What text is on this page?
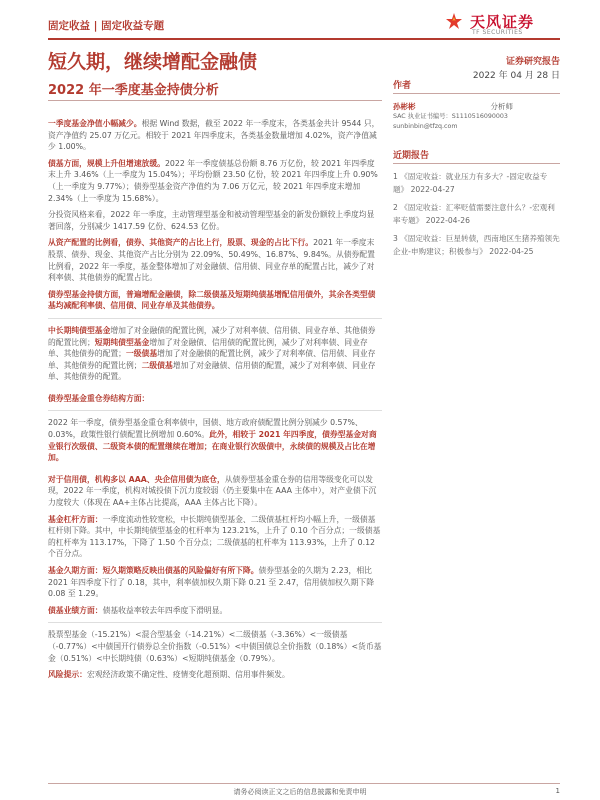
固定收益 | 固定收益专题	天风证券
TF SECURITIES
短久期，继续增配金融债
2022 年一季度基金持债分析
证券研究报告
2022 年 04 月 28 日
作者
孙彬彬	分析师
SAC 执业证书编号：S1110516090003
sunbinbin@tfzq.com
近期报告
1 《固定收益：就业压力有多大？-固定收益专题》 2022-04-27
2 《固定收益：汇率贬值需要注意什么？-宏观利率专题》 2022-04-26
3 《固定收益：巨星转债，西南地区生猪养殖领先企业-申购建议；积极参与》 2022-04-25

一季度基金净值小幅减少。根据 Wind 数据，截至 2022 年一季度末，各类基金共计 9544 只，资产净值约 25.07 万亿元。相较于 2021 年四季度末，各类基金数量增加 4.02%，资产净值减少 1.00%。

债基方面，规模上升但增速放缓。2022 年一季度债基总份额 8.76 万亿份，较 2021 年四季度末上升 3.46%（上一季度为 15.04%）；平均份额 23.50 亿份，较 2021 年四季度上升 0.90%（上一季度为 9.77%）；债券型基金资产净值约为 7.06 万亿元，较 2021 年四季度末增加 2.34%（上一季度为 15.68%）。

分投资风格来看，2022 年一季度，主动管理型基金和被动管理型基金的新发份额较上季度均显著回落，分别减少 1417.59 亿份、624.53 亿份。

从资产配置的比例看，债券、其他资产的占比上行，股票、现金的占比下行。2021 年一季度末股票、债券、现金、其他资产占比分别为 22.09%、50.49%、16.87%、9.84%。从债券配置比例看，2022 年一季度，基金整体增加了对金融债、信用债、同业存单的配置占比，减少了对利率债、其他债券的配置占比。

债券型基金持债方面，普遍增配金融债，除二级债基及短期纯债基增配信用债外，其余各类型债基均减配利率债、信用债、同业存单及其他债券。

中长期纯债型基金增加了对金融债的配置比例，减少了对利率债、信用债、同业存单、其他债券的配置比例；短期纯债型基金增加了对金融债、信用债的配置比例，减少了对利率债、同业存单、其他债券的配置；一级债基增加了对金融债的配置比例，减少了对利率债、信用债、同业存单、其他债券的配置比例；二级债基增加了对金融债、信用债的配置，减少了对利率债、同业存单、其他债券的配置。

债券型基金重仓券结构方面：

2022 年一季度，债券型基金重仓利率债中，国债、地方政府债配置比例分别减少 0.57%、0.03%，政策性银行债配置比例增加 0.60%。此外，相较于 2021 年四季度，债券型基金对商业银行次级债、二级资本债的配置继续在增加；在商业银行次级债中，永续债的规模及占比在增加。

对于信用债，机构多以 AAA、央企信用债为底仓，从债券型基金重仓券的信用等级变化可以发现，2022 年一季度，机构对城投债下沉力度较弱（仍主要集中在 AAA 主体中），对产业债下沉力度较大（体现在 AA+主体占比提高，AAA 主体占比下降）。

基金杠杆方面：一季度流动性较宽松，中长期纯债型基金、二级债基杠杆均小幅上升，一级债基杠杆则下降。其中，中长期纯债型基金的杠杆率为 123.21%，上升了 0.10 个百分点；一级债基的杠杆率为 113.17%，下降了 1.50 个百分点；二级债基的杠杆率为 113.93%，上升了 0.12 个百分点。

基金久期方面：短久期策略反映出债基的风险偏好有所下降。债券型基金的久期为 2.23，相比 2021 年四季度下行了 0.18，其中，利率债加权久期下降 0.21 至 2.47，信用债加权久期下降 0.08 至 1.29。

债基业绩方面：债基收益率较去年四季度下滑明显。

股票型基金（-15.21%）<混合型基金（-14.21%）<二级债基（-3.36%）<一级债基（-0.77%）<中债国开行债券总全价指数（-0.51%）<中债国债总全价指数（0.18%）<货币基金（0.51%）<中长期纯债（0.63%）<短期纯债基金（0.79%）。

风险提示：宏观经济政策不确定性、疫情变化超预期、信用事件频发。

请务必阅读正文之后的信息披露和免责申明	1
